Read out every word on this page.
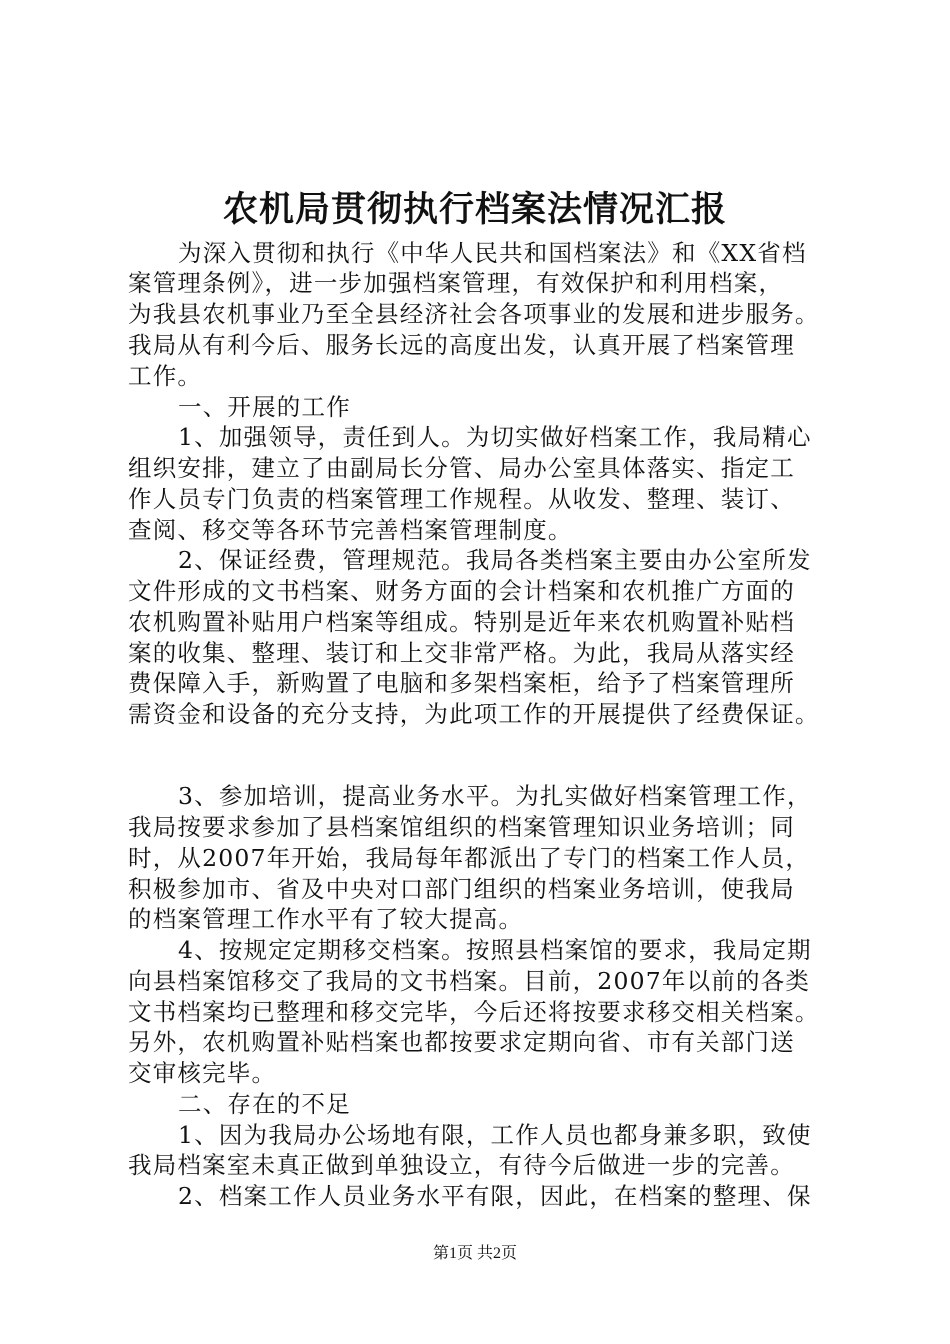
农机局贯彻执行档案法情况汇报
为深入贯彻和执行《中华人民共和国档案法》和《XX省档
案管理条例》，进一步加强档案管理，有效保护和利用档案，
为我县农机事业乃至全县经济社会各项事业的发展和进步服务。
我局从有利今后、服务长远的高度出发，认真开展了档案管理
工作。
一、开展的工作
1、加强领导，责任到人。为切实做好档案工作，我局精心
组织安排，建立了由副局长分管、局办公室具体落实、指定工
作人员专门负责的档案管理工作规程。从收发、整理、装订、
查阅、移交等各环节完善档案管理制度。
2、保证经费，管理规范。我局各类档案主要由办公室所发
文件形成的文书档案、财务方面的会计档案和农机推广方面的
农机购置补贴用户档案等组成。特别是近年来农机购置补贴档
案的收集、整理、装订和上交非常严格。为此，我局从落实经
费保障入手，新购置了电脑和多架档案柜，给予了档案管理所
需资金和设备的充分支持，为此项工作的开展提供了经费保证。
3、参加培训，提高业务水平。为扎实做好档案管理工作，
我局按要求参加了县档案馆组织的档案管理知识业务培训；同
时，从2007年开始，我局每年都派出了专门的档案工作人员，
积极参加市、省及中央对口部门组织的档案业务培训，使我局
的档案管理工作水平有了较大提高。
4、按规定定期移交档案。按照县档案馆的要求，我局定期
向县档案馆移交了我局的文书档案。目前，2007年以前的各类
文书档案均已整理和移交完毕，今后还将按要求移交相关档案。
另外，农机购置补贴档案也都按要求定期向省、市有关部门送
交审核完毕。
二、存在的不足
1、因为我局办公场地有限，工作人员也都身兼多职，致使
我局档案室未真正做到单独设立，有待今后做进一步的完善。
2、档案工作人员业务水平有限，因此，在档案的整理、保
第1页 共2页
